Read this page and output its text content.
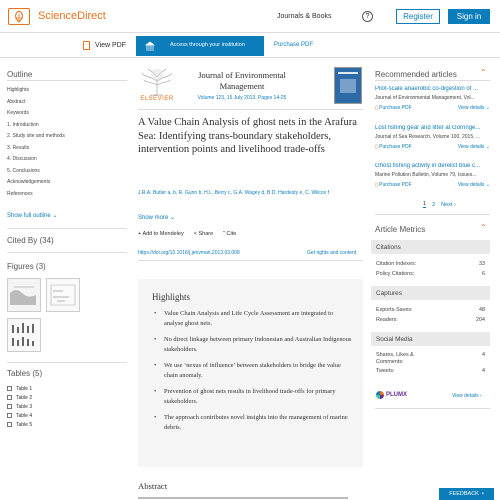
ScienceDirect	Journals & Books	?	Register	Sign in
View PDF	Access through your institution	Purchase PDF
Outline
Highlights
Abstract
Keywords
1. Introduction
2. Study site and methods
3. Results
4. Discussion
5. Conclusions
Acknowledgements
References
Show full outline ⌄
Cited By (34)
Figures (3)
Tables (5)
Table 1
Table 2
Table 3
Table 4
Table 5
ELSEVIER
Journal of Environmental Management
Volume 123, 15 July 2013, Pages 14-25
A Value Chain Analysis of ghost nets in the Arafura Sea: Identifying trans-boundary stakeholders, intervention points and livelihood trade-offs
J.R.A. Butler a, b, R. Gunn b, H.L. Berry c, G.A. Wagey d, B.D. Hardesty e, C. Wilcox f
Show more ⌄
+ Add to Mendeley < Share ” Cite
https://doi.org/10.1016/j.jenvman.2013.03.008	Get rights and content
Highlights
• Value Chain Analysis and Life Cycle Assessment are integrated to analyse ghost nets.
• No direct linkage between primary Indonesian and Australian Indigenous stakeholders.
• We use ‘nexus of influence’ between stakeholders to bridge the value chain anomaly.
• Prevention of ghost nets results in livelihood trade-offs for primary stakeholders.
• The approach contributes novel insights into the management of marine debris.
Abstract
Recommended articles	⌃
Pilot-scale anaerobic co-digestion of ...
Journal of Environmental Management, Vol...
▯ Purchase PDF	View details ⌄
Lost fishing gear and litter at Gorringe...
Journal of Sea Research, Volume 100, 2015, ...
▯ Purchase PDF	View details ⌄
Ghost fishing activity in derelict blue c...
Marine Pollution Bulletin, Volume 79, Issues...
▯ Purchase PDF	View details ⌄
1 2 Next ›
Article Metrics	⌃
Citations
Citation Indexes:	33
Policy Citations:	6
Captures
Exports-Saves:	48
Readers:	204
Social Media
Shares, Likes & Comments:
4
Tweets:	4
PLUMX	View details ›
FEEDBACK ▪
